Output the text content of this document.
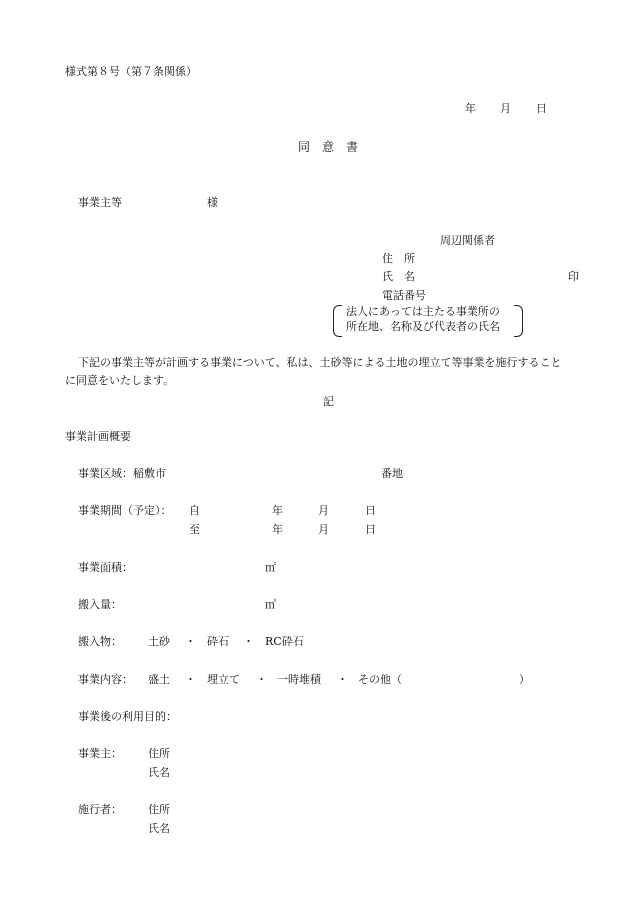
様式第８号（第７条関係）
年 月 日
同　意　書
事業主等	様
周辺関係者
住　所
氏　名	印
電話番号
法人にあっては主たる事業所の
所在地、名称及び代表者の氏名
下記の事業主等が計画する事業について、私は、土砂等による土地の埋立て等事業を施行すること
に同意をいたします。
記
事業計画概要
事業区域：稲敷市	番地
事業期間（予定）： 自	年	月	日
至	年	月	日
事業面積：	㎡
搬入量：	㎥
搬入物： 土砂 ・ 砕石 ・ RC砕石
事業内容： 盛土 ・ 埋立て ・ 一時堆積 ・ その他（	）
事業後の利用目的：
事業主： 住所
氏名
施行者： 住所
氏名
